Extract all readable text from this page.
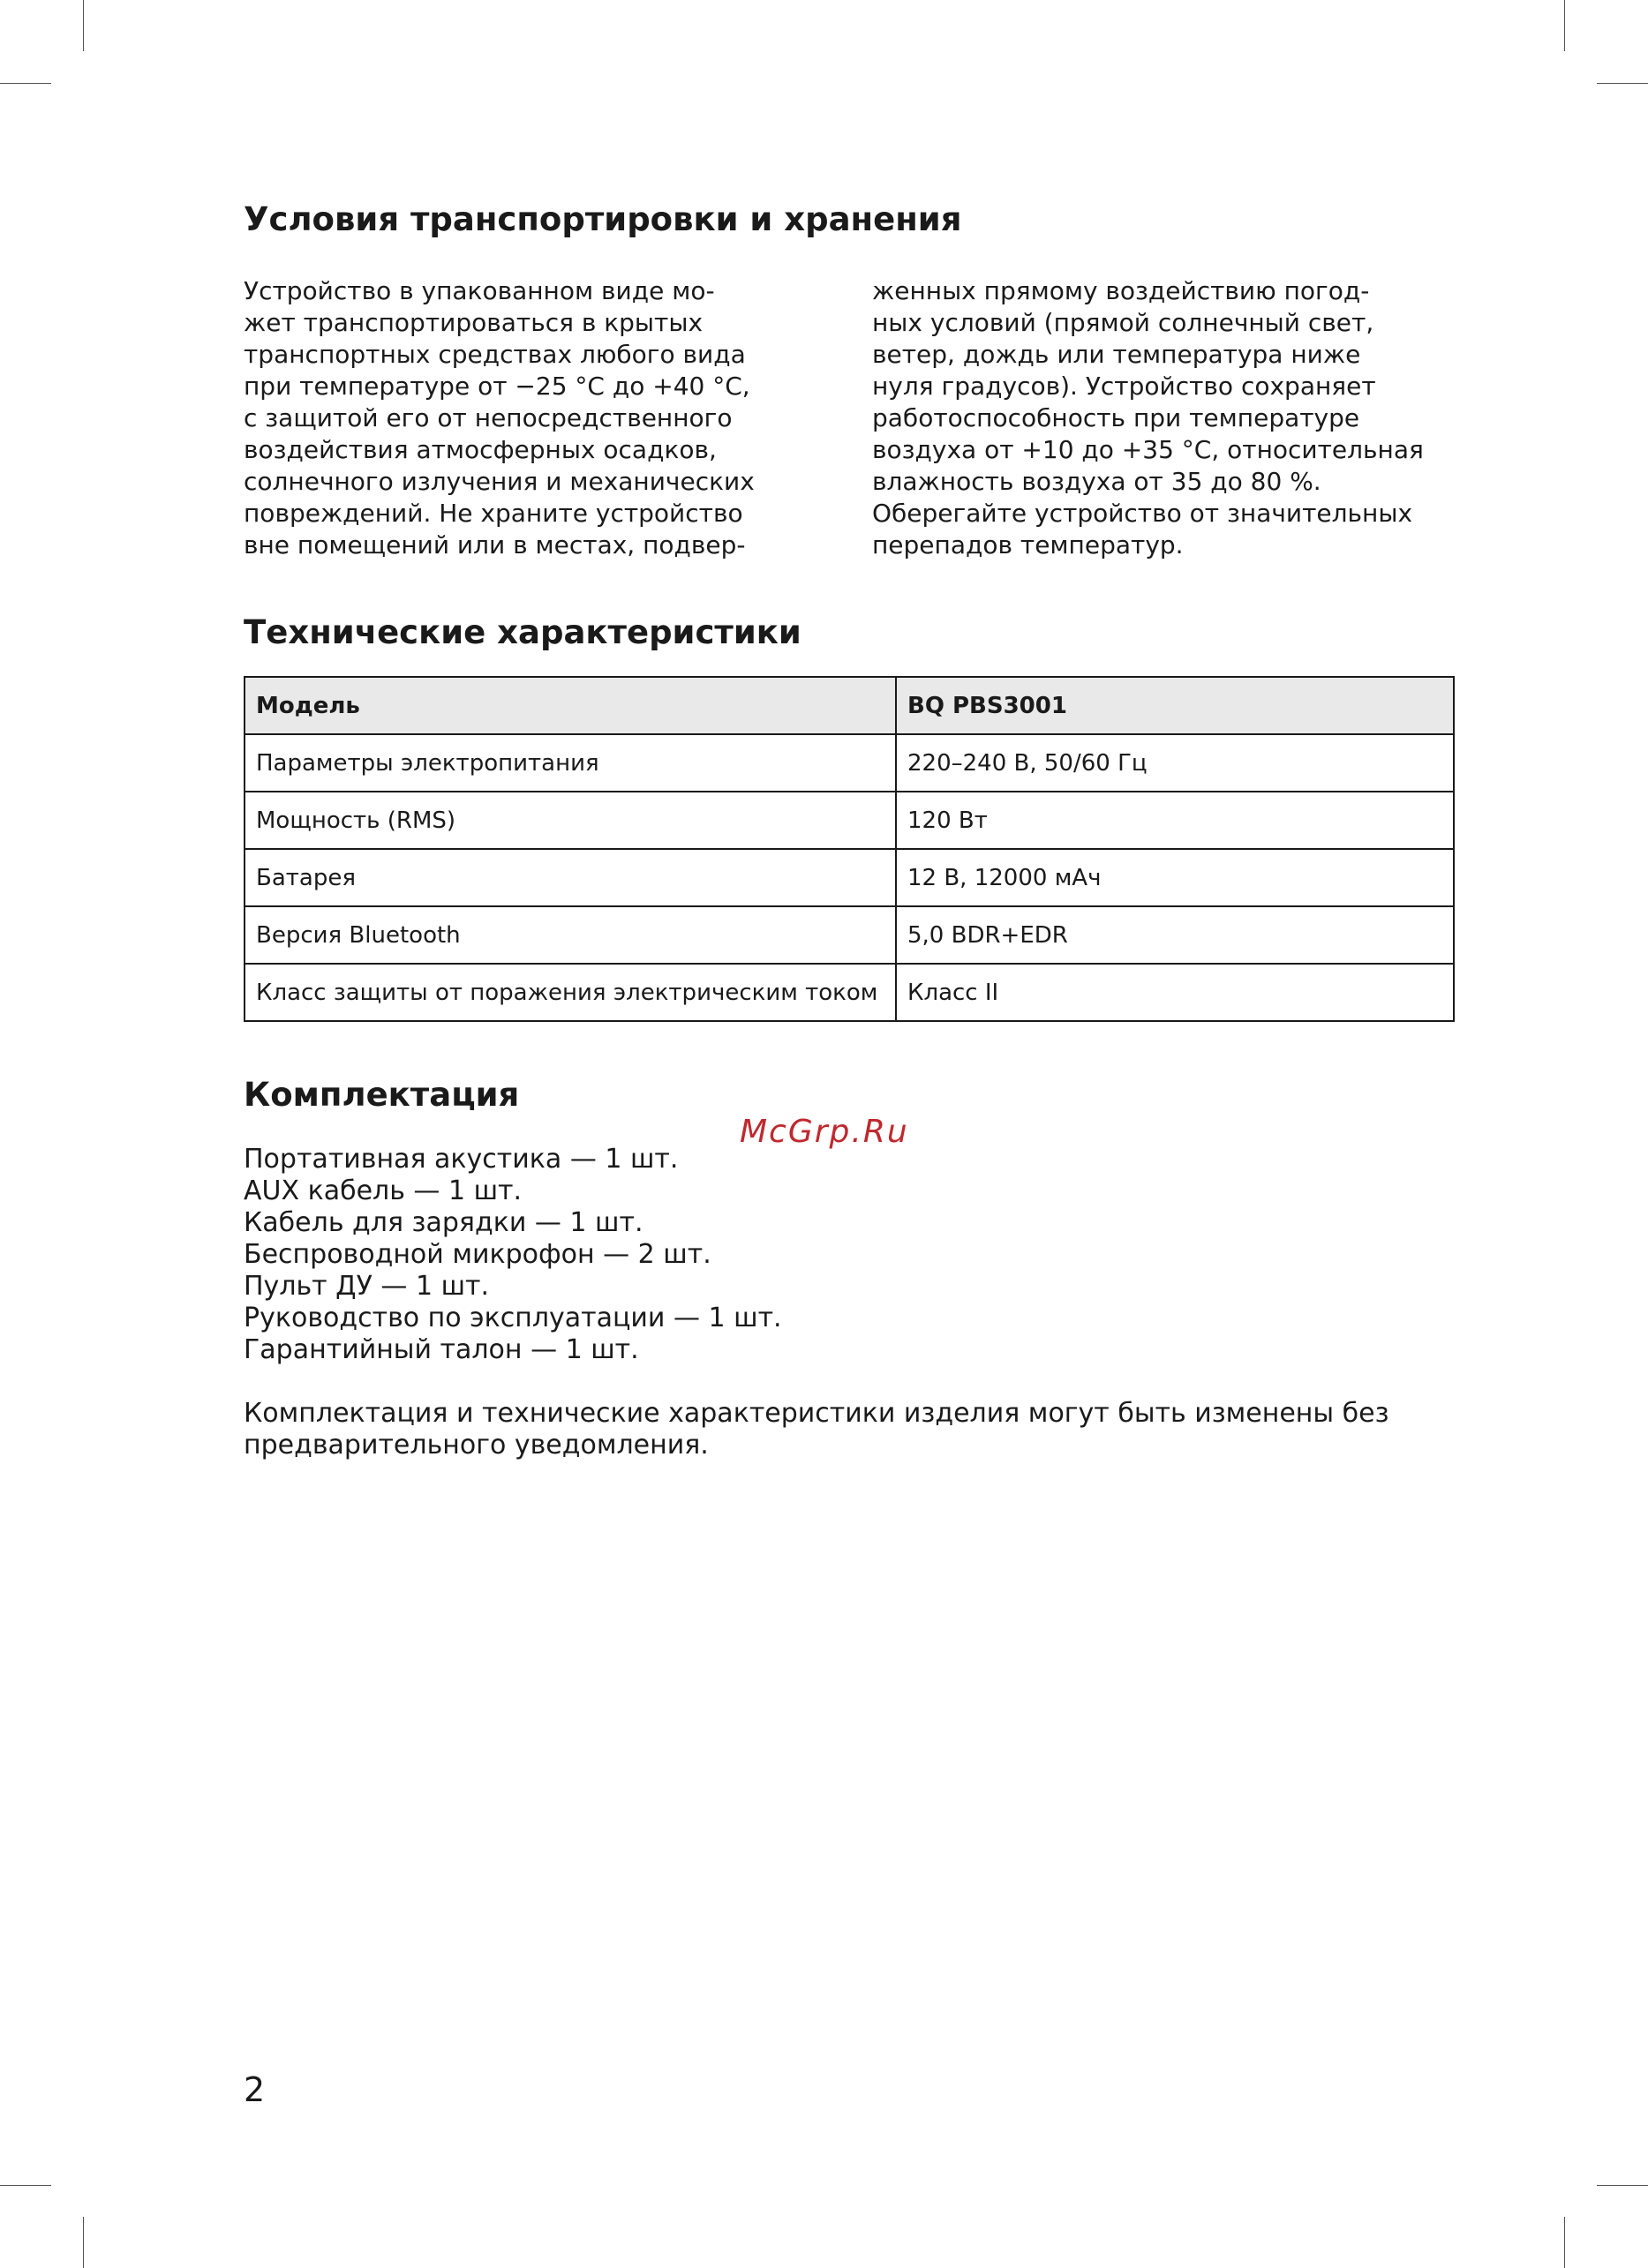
Условия транспортировки и хранения
Устройство в упакованном виде мо-
жет транспортироваться в крытых
транспортных средствах любого вида
при температуре от −25 °С до +40 °С,
с защитой его от непосредственного
воздействия атмосферных осадков,
солнечного излучения и механических
повреждений. Не храните устройство
вне помещений или в местах, подвер-
женных прямому воздействию погод-
ных условий (прямой солнечный свет,
ветер, дождь или температура ниже
нуля градусов). Устройство сохраняет
работоспособность при температуре
воздуха от +10 до +35 °С, относительная
влажность воздуха от 35 до 80 %.
Оберегайте устройство от значительных
перепадов температур.
Технические характеристики
Модель	BQ PBS3001
Параметры электропитания	220–240 В, 50/60 Гц
Мощность (RMS)	120 Вт
Батарея	12 В, 12000 мАч
Версия Bluetooth	5,0 BDR+EDR
Класс защиты от поражения электрическим током	Класс II
Комплектация
Портативная акустика — 1 шт.
AUX кабель — 1 шт.
Кабель для зарядки — 1 шт.
Беспроводной микрофон — 2 шт.
Пульт ДУ — 1 шт.
Руководство по эксплуатации — 1 шт.
Гарантийный талон — 1 шт.
Комплектация и технические характеристики изделия могут быть изменены без
предварительного уведомления.
McGrp.Ru
2
